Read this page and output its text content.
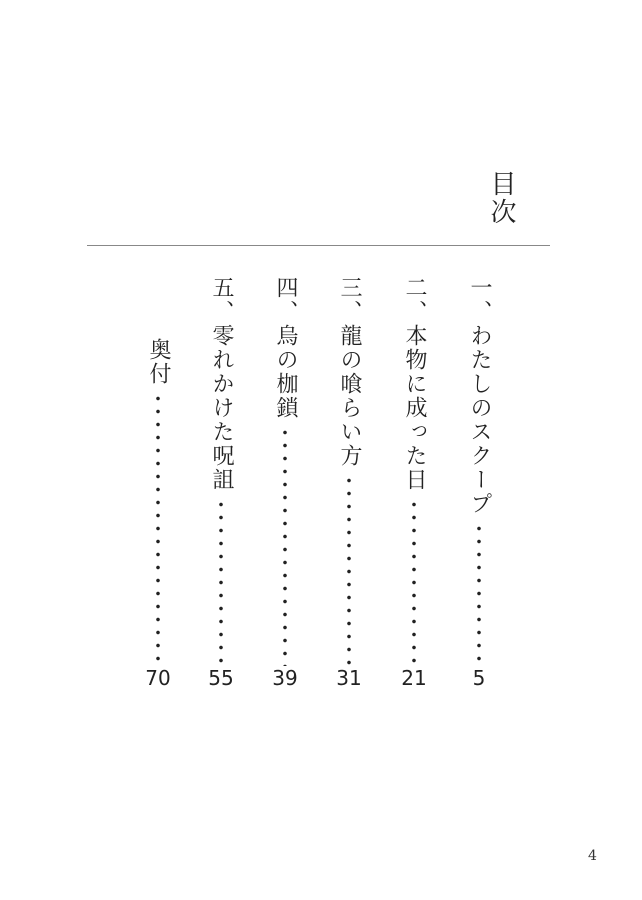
目次
一、わたしのスクープ
5
二、本物に成った日
21
三、龍の喰らい方
31
四、烏の枷鎖
39
五、零れかけた呪詛
55
奥付
70
4
